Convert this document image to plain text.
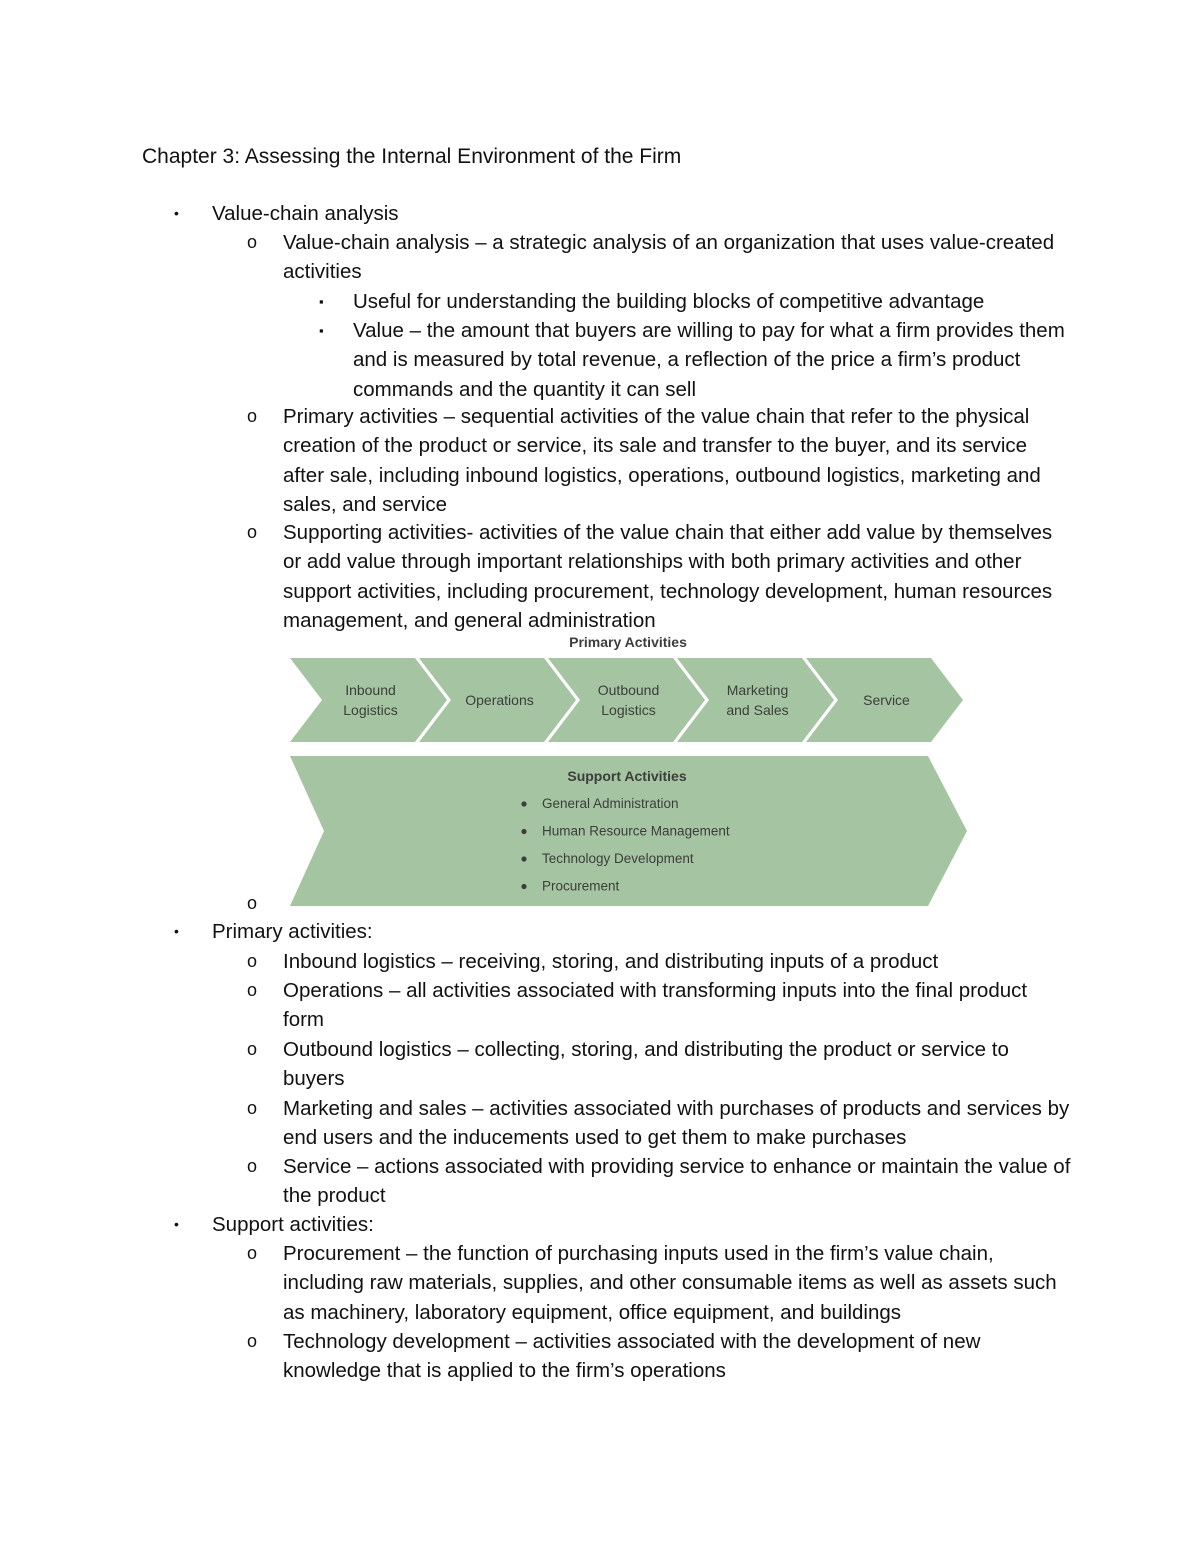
Chapter 3: Assessing the Internal Environment of the Firm
• Value-chain analysis
o Value-chain analysis – a strategic analysis of an organization that uses value-created activities
▪ Useful for understanding the building blocks of competitive advantage
▪ Value – the amount that buyers are willing to pay for what a firm provides them and is measured by total revenue, a reflection of the price a firm’s product commands and the quantity it can sell
o Primary activities – sequential activities of the value chain that refer to the physical creation of the product or service, its sale and transfer to the buyer, and its service after sale, including inbound logistics, operations, outbound logistics, marketing and sales, and service
o Supporting activities- activities of the value chain that either add value by themselves or add value through important relationships with both primary activities and other support activities, including procurement, technology development, human resources management, and general administration
o
Primary Activities
Inbound
Logistics
Operations
Outbound
Logistics
Marketing
and Sales
Service
Support Activities
General Administration
Human Resource Management
Technology Development
Procurement
• Primary activities:
o Inbound logistics – receiving, storing, and distributing inputs of a product
o Operations – all activities associated with transforming inputs into the final product form
o Outbound logistics – collecting, storing, and distributing the product or service to buyers
o Marketing and sales – activities associated with purchases of products and services by end users and the inducements used to get them to make purchases
o Service – actions associated with providing service to enhance or maintain the value of the product
• Support activities:
o Procurement – the function of purchasing inputs used in the firm’s value chain, including raw materials, supplies, and other consumable items as well as assets such as machinery, laboratory equipment, office equipment, and buildings
o Technology development – activities associated with the development of new knowledge that is applied to the firm’s operations
